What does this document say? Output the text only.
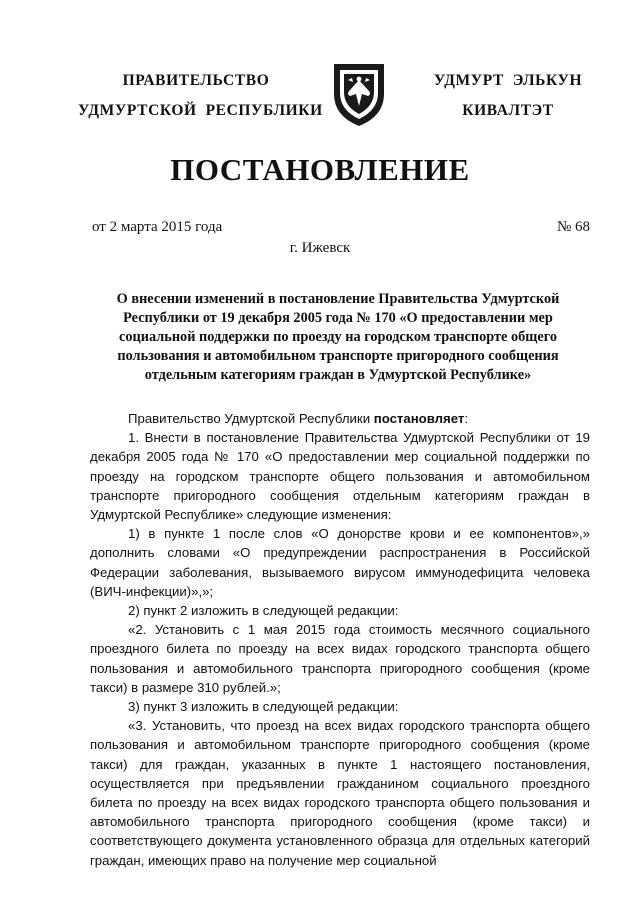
ПРАВИТЕЛЬСТВО
УДМУРТСКОЙ  РЕСПУБЛИКИ
УДМУРТ  ЭЛЬКУН
КИВАЛТЭТ
ПОСТАНОВЛЕНИЕ
от 2 марта 2015 года	№ 68
г. Ижевск
О внесении изменений в постановление Правительства Удмуртской Республики от 19 декабря 2005 года № 170 «О предоставлении мер социальной поддержки по проезду на городском транспорте общего пользования и автомобильном транспорте пригородного сообщения отдельным категориям граждан в Удмуртской Республике»

Правительство Удмуртской Республики постановляет:

1. Внести в постановление Правительства Удмуртской Республики от 19 декабря 2005 года № 170 «О предоставлении мер социальной поддержки по проезду на городском транспорте общего пользования и автомобильном транспорте пригородного сообщения отдельным категориям граждан в Удмуртской Республике» следующие изменения:

1) в пункте 1 после слов «О донорстве крови и ее компонентов»,» дополнить словами «О предупреждении распространения в Российской Федерации заболевания, вызываемого вирусом иммунодефицита человека (ВИЧ-инфекции)»,»;

2) пункт 2 изложить в следующей редакции:

«2. Установить с 1 мая 2015 года стоимость месячного социального проездного билета по проезду на всех видах городского транспорта общего пользования и автомобильного транспорта пригородного сообщения (кроме такси) в размере 310 рублей.»;

3) пункт 3 изложить в следующей редакции:

«3. Установить, что проезд на всех видах городского транспорта общего пользования и автомобильном транспорте пригородного сообщения (кроме такси) для граждан, указанных в пункте 1 настоящего постановления, осуществляется при предъявлении гражданином социального проездного билета по проезду на всех видах городского транспорта общего пользования и автомобильного транспорта пригородного сообщения (кроме такси) и соответствующего документа установленного образца для отдельных категорий граждан, имеющих право на получение мер социальной
